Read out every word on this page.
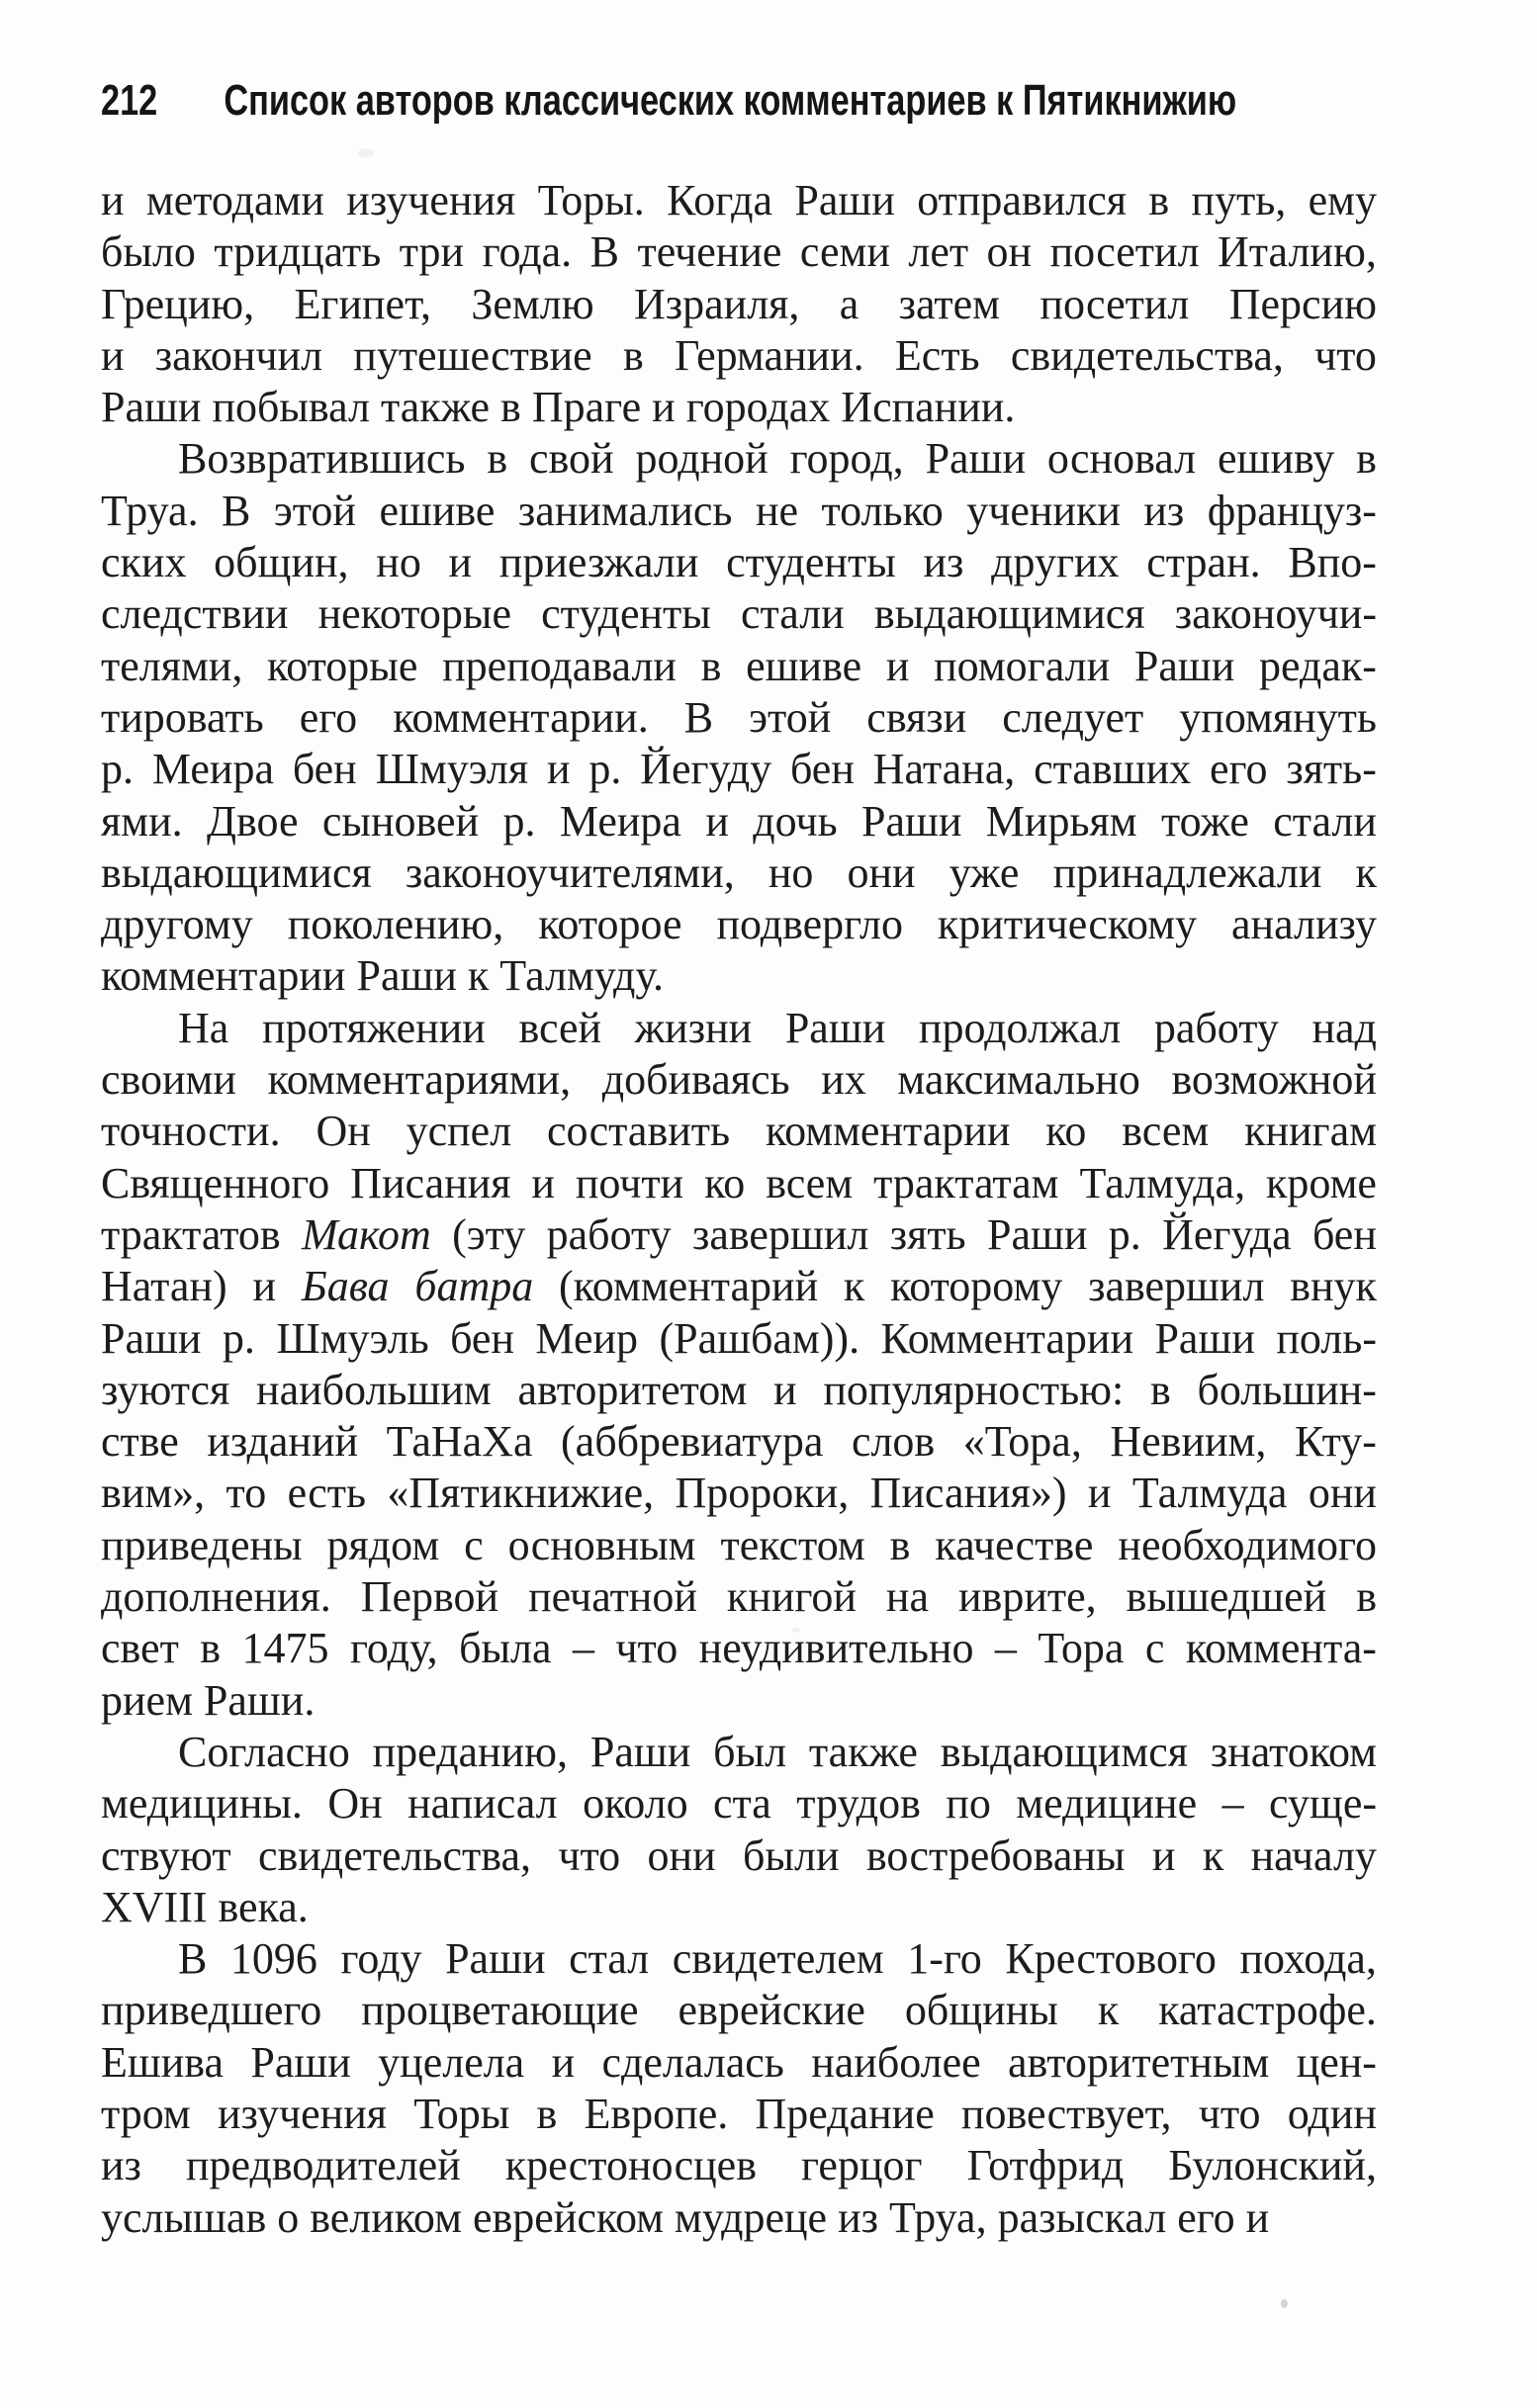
212 Список авторов классических комментариев к Пятикнижию
и методами изучения Торы. Когда Раши отправился в путь, ему
было тридцать три года. В течение семи лет он посетил Италию,
Грецию, Египет, Землю Израиля, а затем посетил Персию
и закончил путешествие в Германии. Есть свидетельства, что
Раши побывал также в Праге и городах Испании.
Возвратившись в свой родной город, Раши основал ешиву в
Труа. В этой ешиве занимались не только ученики из француз-
ских общин, но и приезжали студенты из других стран. Впо-
следствии некоторые студенты стали выдающимися законоучи-
телями, которые преподавали в ешиве и помогали Раши редак-
тировать его комментарии. В этой связи следует упомянуть
р. Меира бен Шмуэля и р. Йегуду бен Натана, ставших его зять-
ями. Двое сыновей р. Меира и дочь Раши Мирьям тоже стали
выдающимися законоучителями, но они уже принадлежали к
другому поколению, которое подвергло критическому анализу
комментарии Раши к Талмуду.
На протяжении всей жизни Раши продолжал работу над
своими комментариями, добиваясь их максимально возможной
точности. Он успел составить комментарии ко всем книгам
Священного Писания и почти ко всем трактатам Талмуда, кроме
трактатов Макот (эту работу завершил зять Раши р. Йегуда бен
Натан) и Бава батра (комментарий к которому завершил внук
Раши р. Шмуэль бен Меир (Рашбам)). Комментарии Раши поль-
зуются наибольшим авторитетом и популярностью: в большин-
стве изданий ТаНаХа (аббревиатура слов «Тора, Невиим, Кту-
вим», то есть «Пятикнижие, Пророки, Писания») и Талмуда они
приведены рядом с основным текстом в качестве необходимого
дополнения. Первой печатной книгой на иврите, вышедшей в
свет в 1475 году, была – что неудивительно – Тора с коммента-
рием Раши.
Согласно преданию, Раши был также выдающимся знатоком
медицины. Он написал около ста трудов по медицине – суще-
ствуют свидетельства, что они были востребованы и к началу
XVIII века.
В 1096 году Раши стал свидетелем 1-го Крестового похода,
приведшего процветающие еврейские общины к катастрофе.
Ешива Раши уцелела и сделалась наиболее авторитетным цен-
тром изучения Торы в Европе. Предание повествует, что один
из предводителей крестоносцев герцог Готфрид Булонский,
услышав о великом еврейском мудреце из Труа, разыскал его и
